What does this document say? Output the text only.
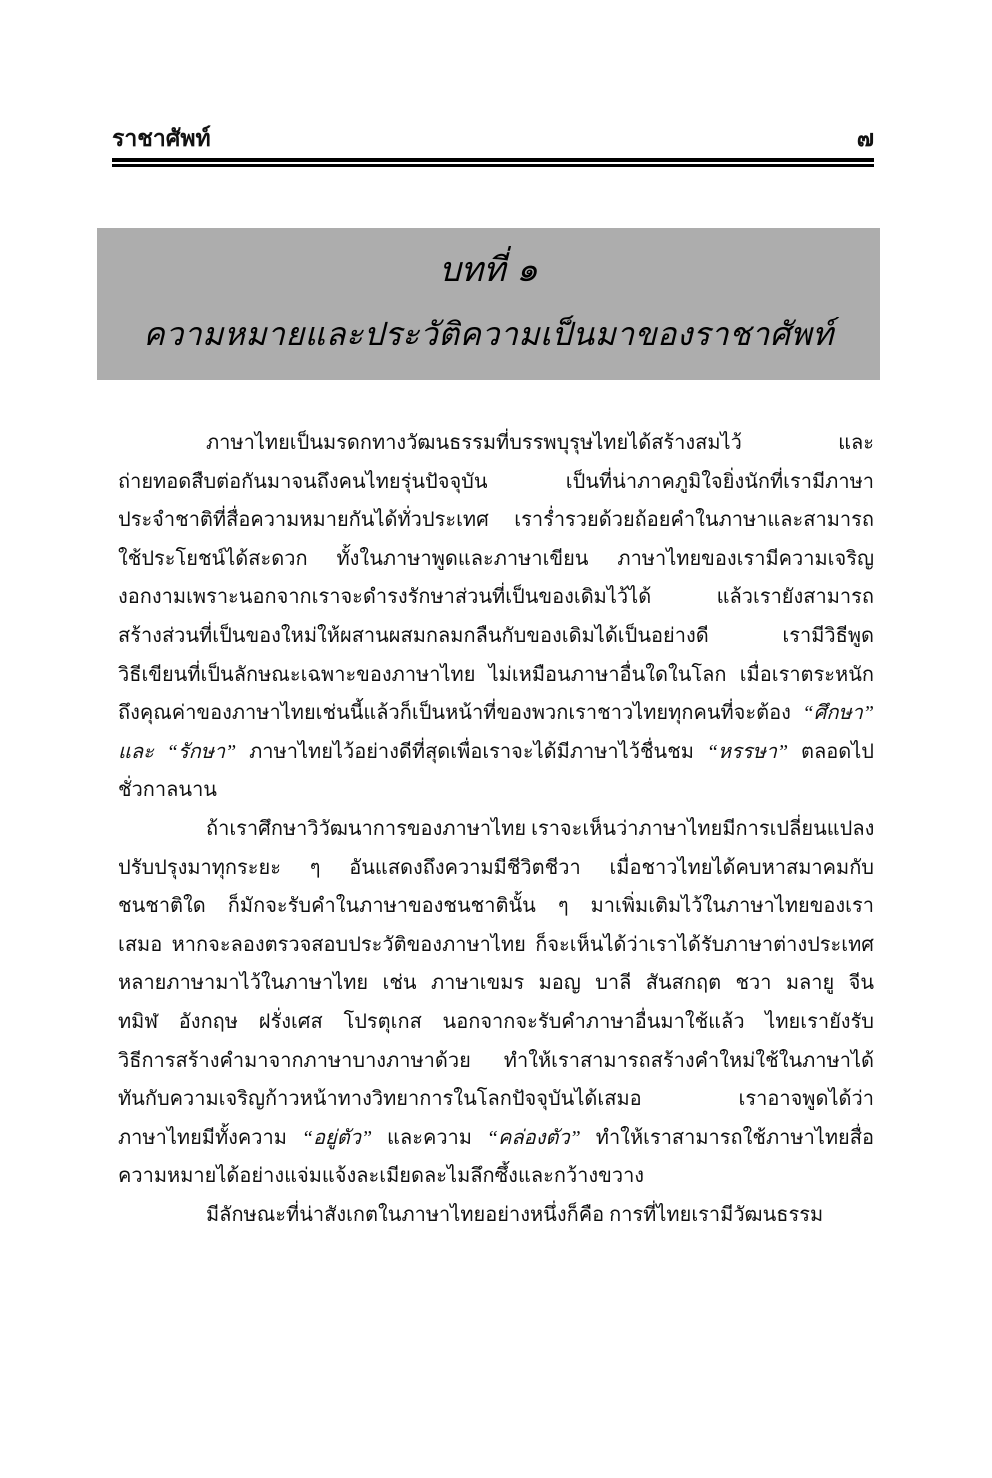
ราชาศัพท์	๗
บทที่ ๑
ความหมายและประวัติความเป็นมาของราชาศัพท์
ภาษาไทยเป็นมรดกทางวัฒนธรรมที่บรรพบุรุษไทยได้สร้างสมไว้ และ
ถ่ายทอดสืบต่อกันมาจนถึงคนไทยรุ่นปัจจุบัน เป็นที่น่าภาคภูมิใจยิ่งนักที่เรามีภาษา
ประจำชาติที่สื่อความหมายกันได้ทั่วประเทศ เราร่ำรวยด้วยถ้อยคำในภาษาและสามารถ
ใช้ประโยชน์ได้สะดวก ทั้งในภาษาพูดและภาษาเขียน ภาษาไทยของเรามีความเจริญ
งอกงามเพราะนอกจากเราจะดำรงรักษาส่วนที่เป็นของเดิมไว้ได้ แล้วเรายังสามารถ
สร้างส่วนที่เป็นของใหม่ให้ผสานผสมกลมกลืนกับของเดิมได้เป็นอย่างดี เรามีวิธีพูด
วิธีเขียนที่เป็นลักษณะเฉพาะของภาษาไทย ไม่เหมือนภาษาอื่นใดในโลก เมื่อเราตระหนัก
ถึงคุณค่าของภาษาไทยเช่นนี้แล้วก็เป็นหน้าที่ของพวกเราชาวไทยทุกคนที่จะต้อง “ศึกษา”
และ “รักษา” ภาษาไทยไว้อย่างดีที่สุดเพื่อเราจะได้มีภาษาไว้ชื่นชม “หรรษา” ตลอดไป
ชั่วกาลนาน
ถ้าเราศึกษาวิวัฒนาการของภาษาไทย เราจะเห็นว่าภาษาไทยมีการเปลี่ยนแปลง
ปรับปรุงมาทุกระยะ ๆ อันแสดงถึงความมีชีวิตชีวา เมื่อชาวไทยได้คบหาสมาคมกับ
ชนชาติใด ก็มักจะรับคำในภาษาของชนชาตินั้น ๆ มาเพิ่มเติมไว้ในภาษาไทยของเรา
เสมอ หากจะลองตรวจสอบประวัติของภาษาไทย ก็จะเห็นได้ว่าเราได้รับภาษาต่างประเทศ
หลายภาษามาไว้ในภาษาไทย เช่น ภาษาเขมร มอญ บาลี สันสกฤต ชวา มลายู จีน
ทมิฬ อังกฤษ ฝรั่งเศส โปรตุเกส นอกจากจะรับคำภาษาอื่นมาใช้แล้ว ไทยเรายังรับ
วิธีการสร้างคำมาจากภาษาบางภาษาด้วย ทำให้เราสามารถสร้างคำใหม่ใช้ในภาษาได้
ทันกับความเจริญก้าวหน้าทางวิทยาการในโลกปัจจุบันได้เสมอ เราอาจพูดได้ว่า
ภาษาไทยมีทั้งความ “อยู่ตัว” และความ “คล่องตัว” ทำให้เราสามารถใช้ภาษาไทยสื่อ
ความหมายได้อย่างแจ่มแจ้งละเมียดละไมลึกซึ้งและกว้างขวาง
มีลักษณะที่น่าสังเกตในภาษาไทยอย่างหนึ่งก็คือ การที่ไทยเรามีวัฒนธรรม
